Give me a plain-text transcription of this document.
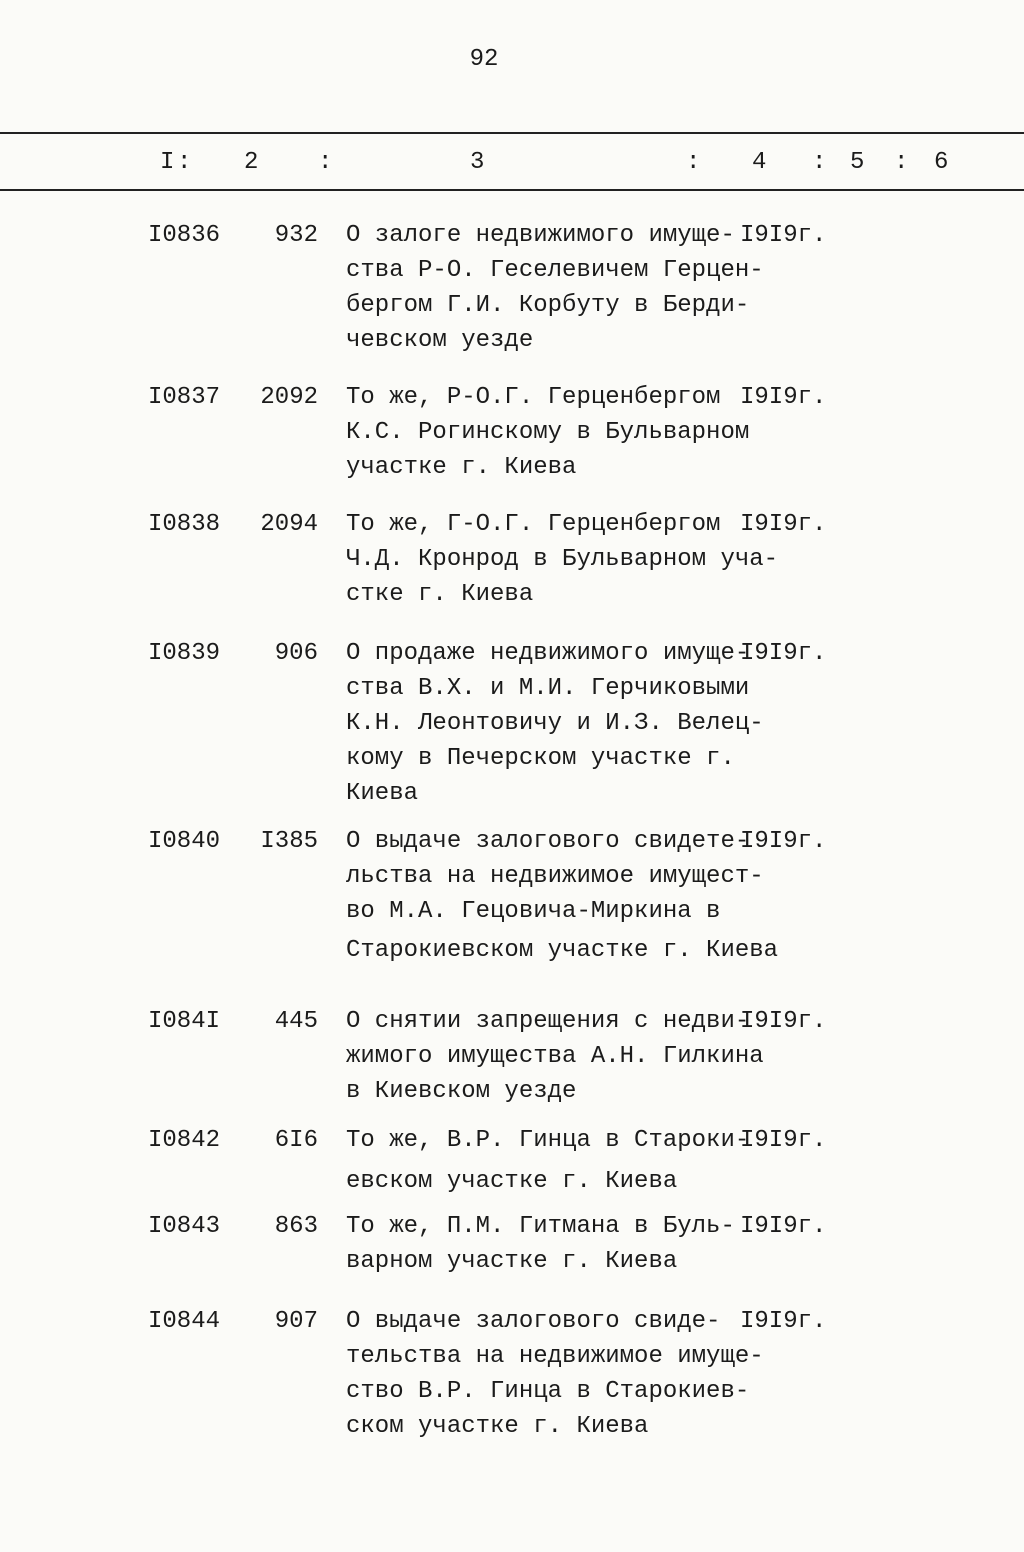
92
I : 2 :	3	: 4 : 5 : 6
I0836	932 О залоге недвижимого имуще-
ства Р-О. Геселевичем Герцен-
бергом Г.И. Корбуту в Берди-
чевском уезде
I9I9г.
I0837	2092 То же, Р-О.Г. Герценбергом
К.С. Рогинскому в Бульварном
участке г. Киева
I9I9г.
I0838	2094 То же, Г-О.Г. Герценбергом
Ч.Д. Кронрод в Бульварном уча-
стке г. Киева
I9I9г.
I0839	906 О продаже недвижимого имуще-
ства В.Х. и М.И. Герчиковыми
К.Н. Леонтовичу и И.З. Велец-
кому в Печерском участке г.
Киева
I9I9г.
I0840	I385 О выдаче залогового свидете-
льства на недвижимое имущест-
во М.А. Гецовича-Миркина в
Старокиевском участке г. Киева
I9I9г.
I084I	445 О снятии запрещения с недви-
жимого имущества А.Н. Гилкина
в Киевском уезде
I9I9г.
I0842	6I6 То же, В.Р. Гинца в Староки-
евском участке г. Киева
I9I9г.
I0843	863 То же, П.М. Гитмана в Буль-
варном участке г. Киева
I9I9г.
I0844	907 О выдаче залогового свиде-
тельства на недвижимое имуще-
ство В.Р. Гинца в Старокиев-
ском участке г. Киева
I9I9г.
